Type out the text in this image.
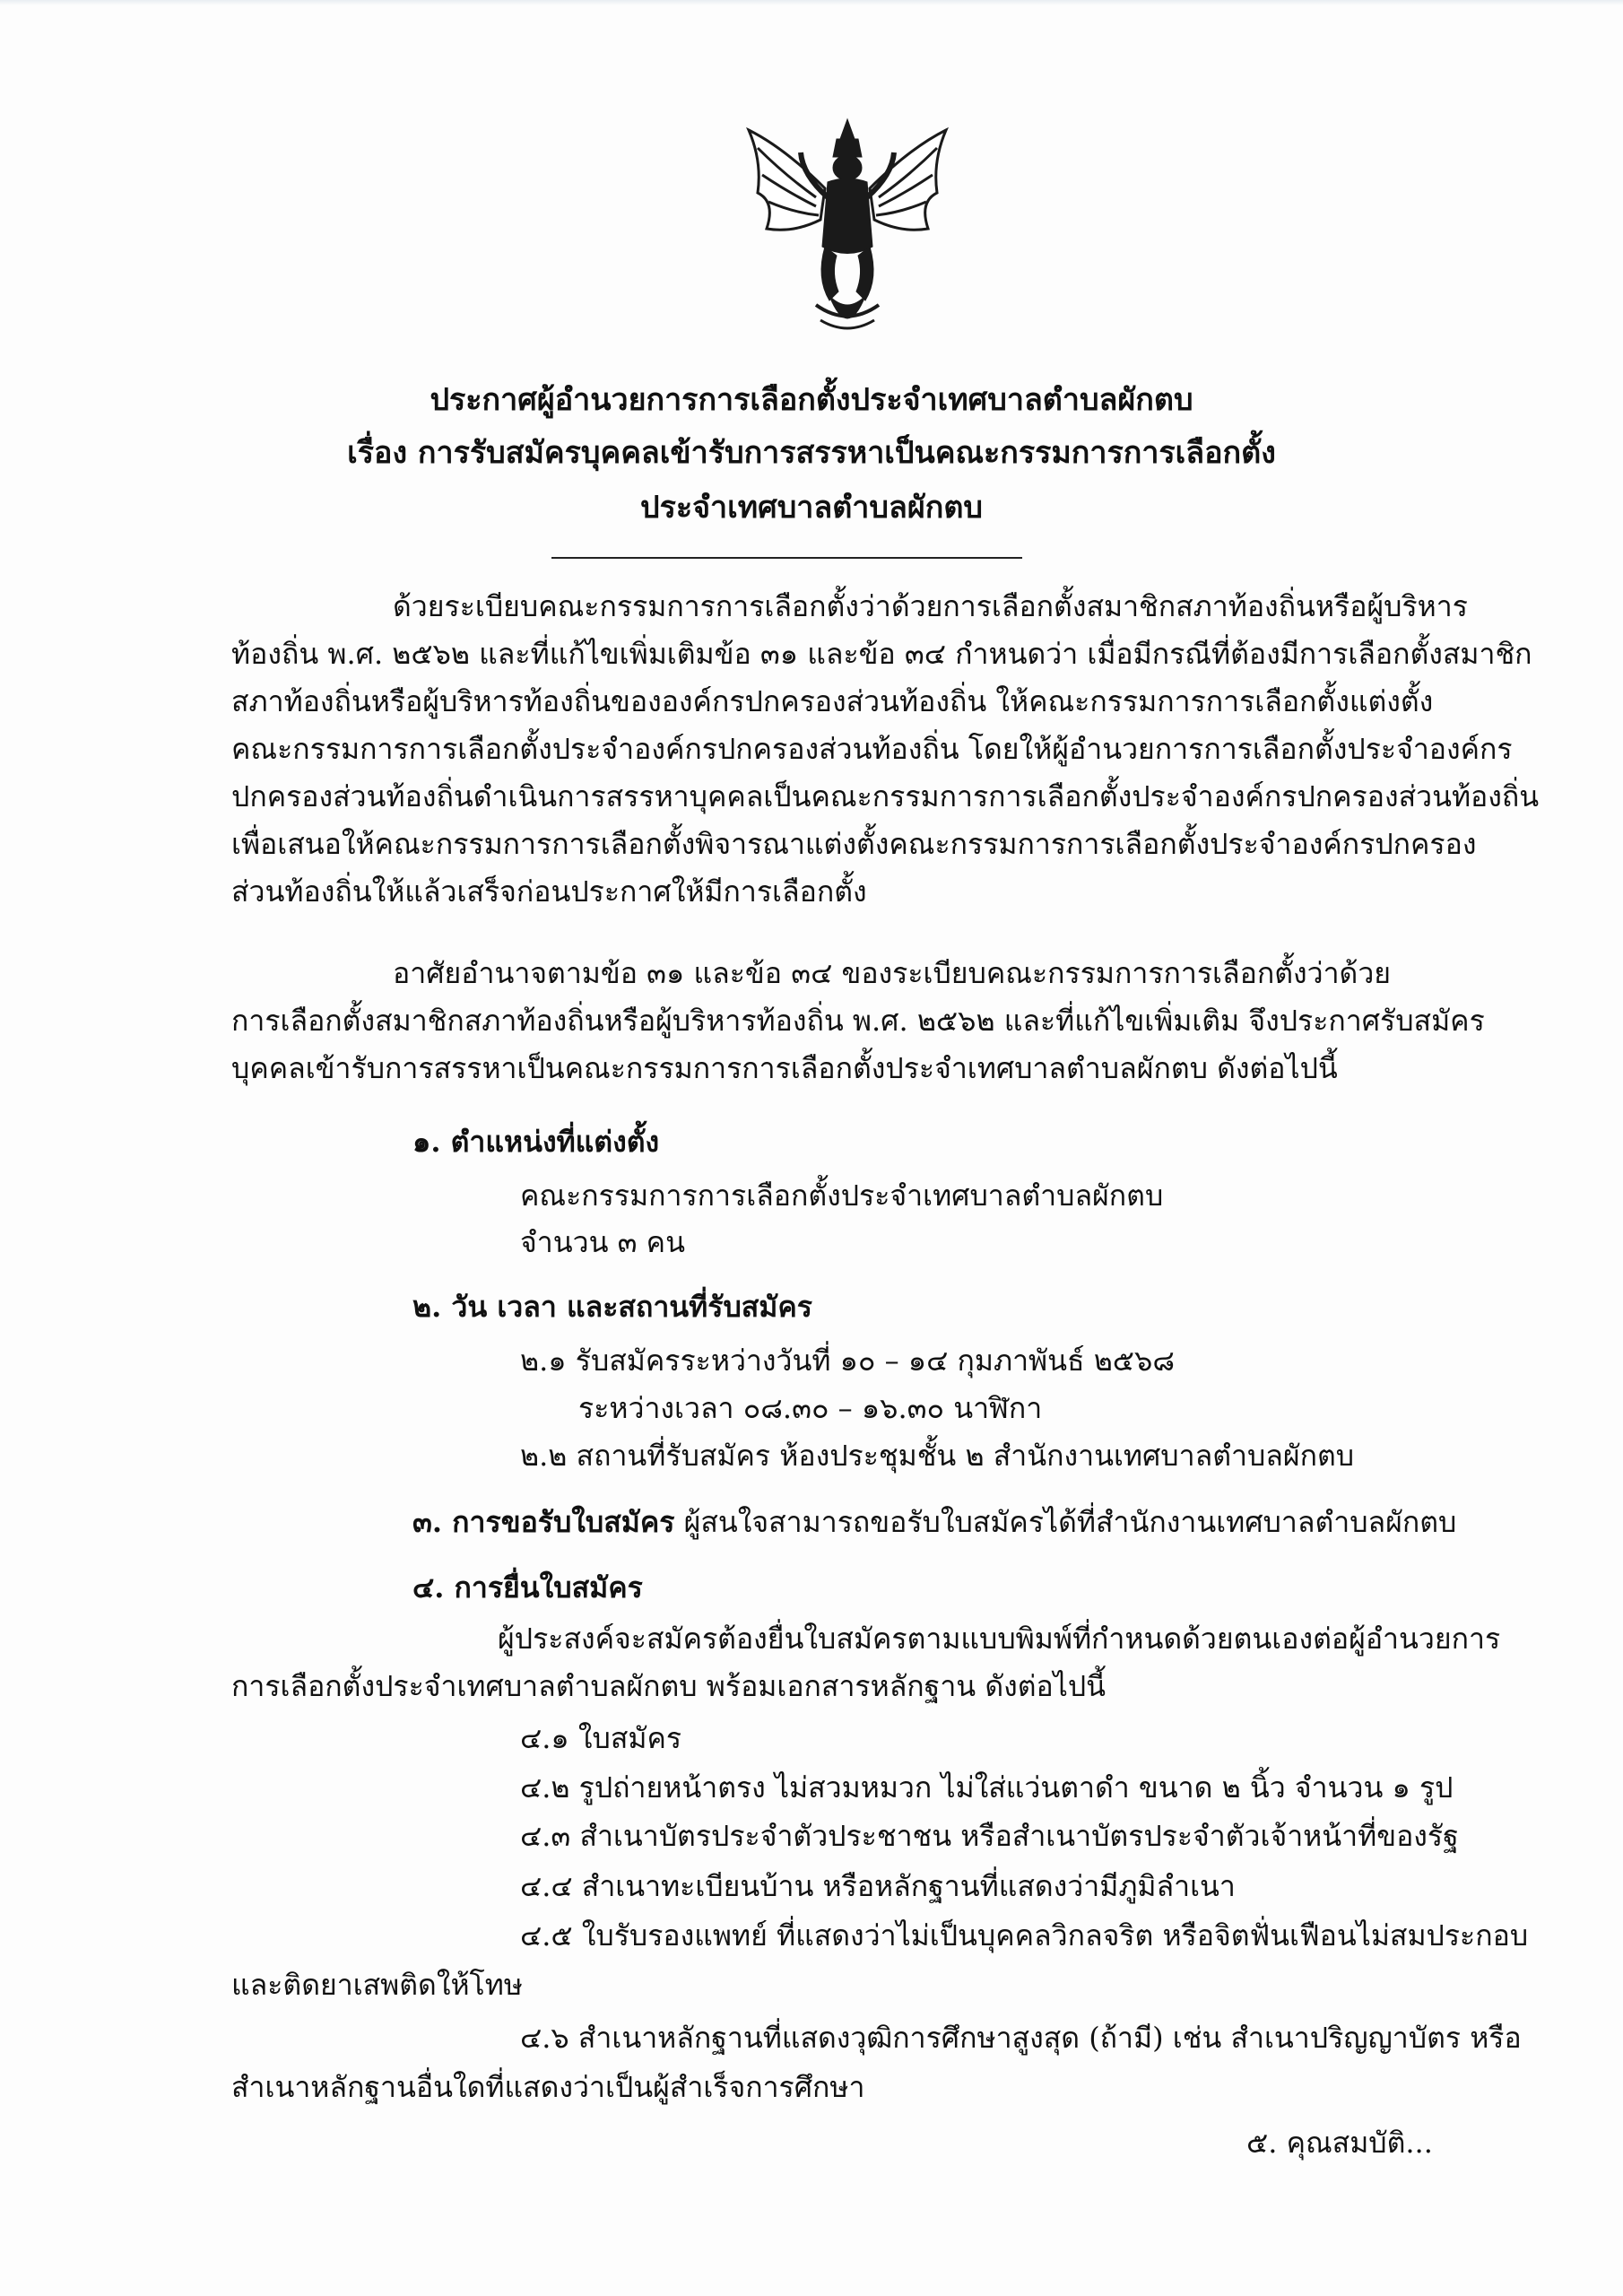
ประกาศผู้อำนวยการการเลือกตั้งประจำเทศบาลตำบลผักตบ
เรื่อง การรับสมัครบุคคลเข้ารับการสรรหาเป็นคณะกรรมการการเลือกตั้ง
ประจำเทศบาลตำบลผักตบ
ด้วยระเบียบคณะกรรมการการเลือกตั้งว่าด้วยการเลือกตั้งสมาชิกสภาท้องถิ่นหรือผู้บริหาร
ท้องถิ่น พ.ศ. ๒๕๖๒ และที่แก้ไขเพิ่มเติมข้อ ๓๑ และข้อ ๓๔ กำหนดว่า เมื่อมีกรณีที่ต้องมีการเลือกตั้งสมาชิก
สภาท้องถิ่นหรือผู้บริหารท้องถิ่นขององค์กรปกครองส่วนท้องถิ่น ให้คณะกรรมการการเลือกตั้งแต่งตั้ง
คณะกรรมการการเลือกตั้งประจำองค์กรปกครองส่วนท้องถิ่น โดยให้ผู้อำนวยการการเลือกตั้งประจำองค์กร
ปกครองส่วนท้องถิ่นดำเนินการสรรหาบุคคลเป็นคณะกรรมการการเลือกตั้งประจำองค์กรปกครองส่วนท้องถิ่น
เพื่อเสนอให้คณะกรรมการการเลือกตั้งพิจารณาแต่งตั้งคณะกรรมการการเลือกตั้งประจำองค์กรปกครอง
ส่วนท้องถิ่นให้แล้วเสร็จก่อนประกาศให้มีการเลือกตั้ง
อาศัยอำนาจตามข้อ ๓๑ และข้อ ๓๔ ของระเบียบคณะกรรมการการเลือกตั้งว่าด้วย
การเลือกตั้งสมาชิกสภาท้องถิ่นหรือผู้บริหารท้องถิ่น พ.ศ. ๒๕๖๒ และที่แก้ไขเพิ่มเติม จึงประกาศรับสมัคร
บุคคลเข้ารับการสรรหาเป็นคณะกรรมการการเลือกตั้งประจำเทศบาลตำบลผักตบ ดังต่อไปนี้
๑. ตำแหน่งที่แต่งตั้ง
คณะกรรมการการเลือกตั้งประจำเทศบาลตำบลผักตบ
จำนวน ๓ คน
๒. วัน เวลา และสถานที่รับสมัคร
๒.๑ รับสมัครระหว่างวันที่ ๑๐ – ๑๔ กุมภาพันธ์ ๒๕๖๘
ระหว่างเวลา ๐๘.๓๐ – ๑๖.๓๐ นาฬิกา
๒.๒ สถานที่รับสมัคร ห้องประชุมชั้น ๒ สำนักงานเทศบาลตำบลผักตบ
๓. การขอรับใบสมัคร ผู้สนใจสามารถขอรับใบสมัครได้ที่สำนักงานเทศบาลตำบลผักตบ
๔. การยื่นใบสมัคร
ผู้ประสงค์จะสมัครต้องยื่นใบสมัครตามแบบพิมพ์ที่กำหนดด้วยตนเองต่อผู้อำนวยการ
การเลือกตั้งประจำเทศบาลตำบลผักตบ พร้อมเอกสารหลักฐาน ดังต่อไปนี้
๔.๑ ใบสมัคร
๔.๒ รูปถ่ายหน้าตรง ไม่สวมหมวก ไม่ใส่แว่นตาดำ ขนาด ๒ นิ้ว จำนวน ๑ รูป
๔.๓ สำเนาบัตรประจำตัวประชาชน หรือสำเนาบัตรประจำตัวเจ้าหน้าที่ของรัฐ
๔.๔ สำเนาทะเบียนบ้าน หรือหลักฐานที่แสดงว่ามีภูมิลำเนา
๔.๕ ใบรับรองแพทย์ ที่แสดงว่าไม่เป็นบุคคลวิกลจริต หรือจิตฟั่นเฟือนไม่สมประกอบ
และติดยาเสพติดให้โทษ
๔.๖ สำเนาหลักฐานที่แสดงวุฒิการศึกษาสูงสุด (ถ้ามี) เช่น สำเนาปริญญาบัตร หรือ
สำเนาหลักฐานอื่นใดที่แสดงว่าเป็นผู้สำเร็จการศึกษา
๕. คุณสมบัติ...
